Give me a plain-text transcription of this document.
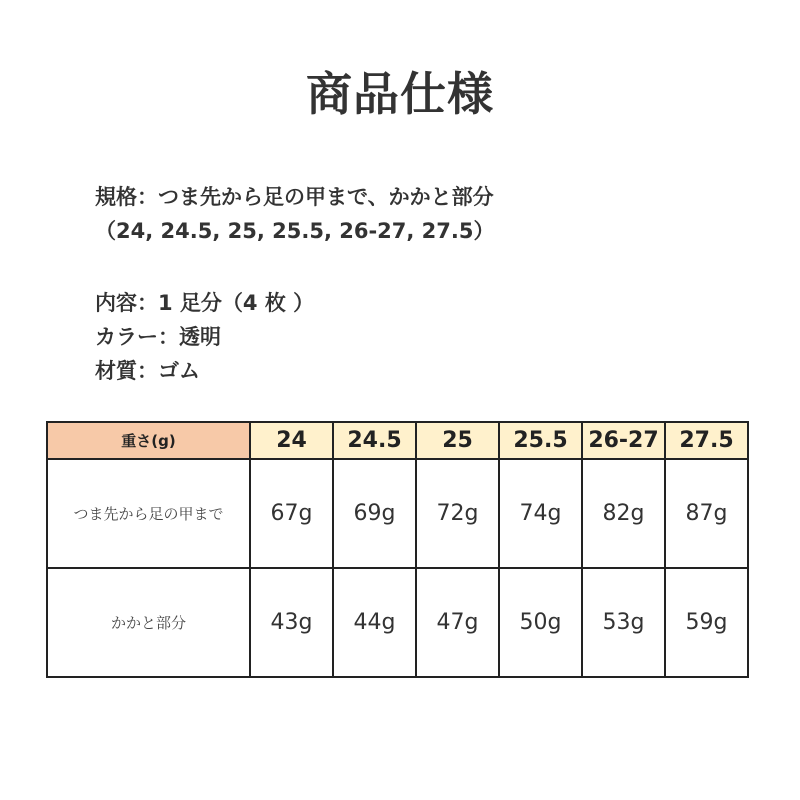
商品仕様
規格：つま先から足の甲まで、かかと部分
（24, 24.5, 25, 25.5, 26-27, 27.5）
内容：1 足分（4 枚 ）
カラー：透明
材質：ゴム
重さ(g)	24	24.5	25	25.5	26-27	27.5
つま先から足の甲まで	67g	69g	72g	74g	82g	87g
かかと部分	43g	44g	47g	50g	53g	59g
